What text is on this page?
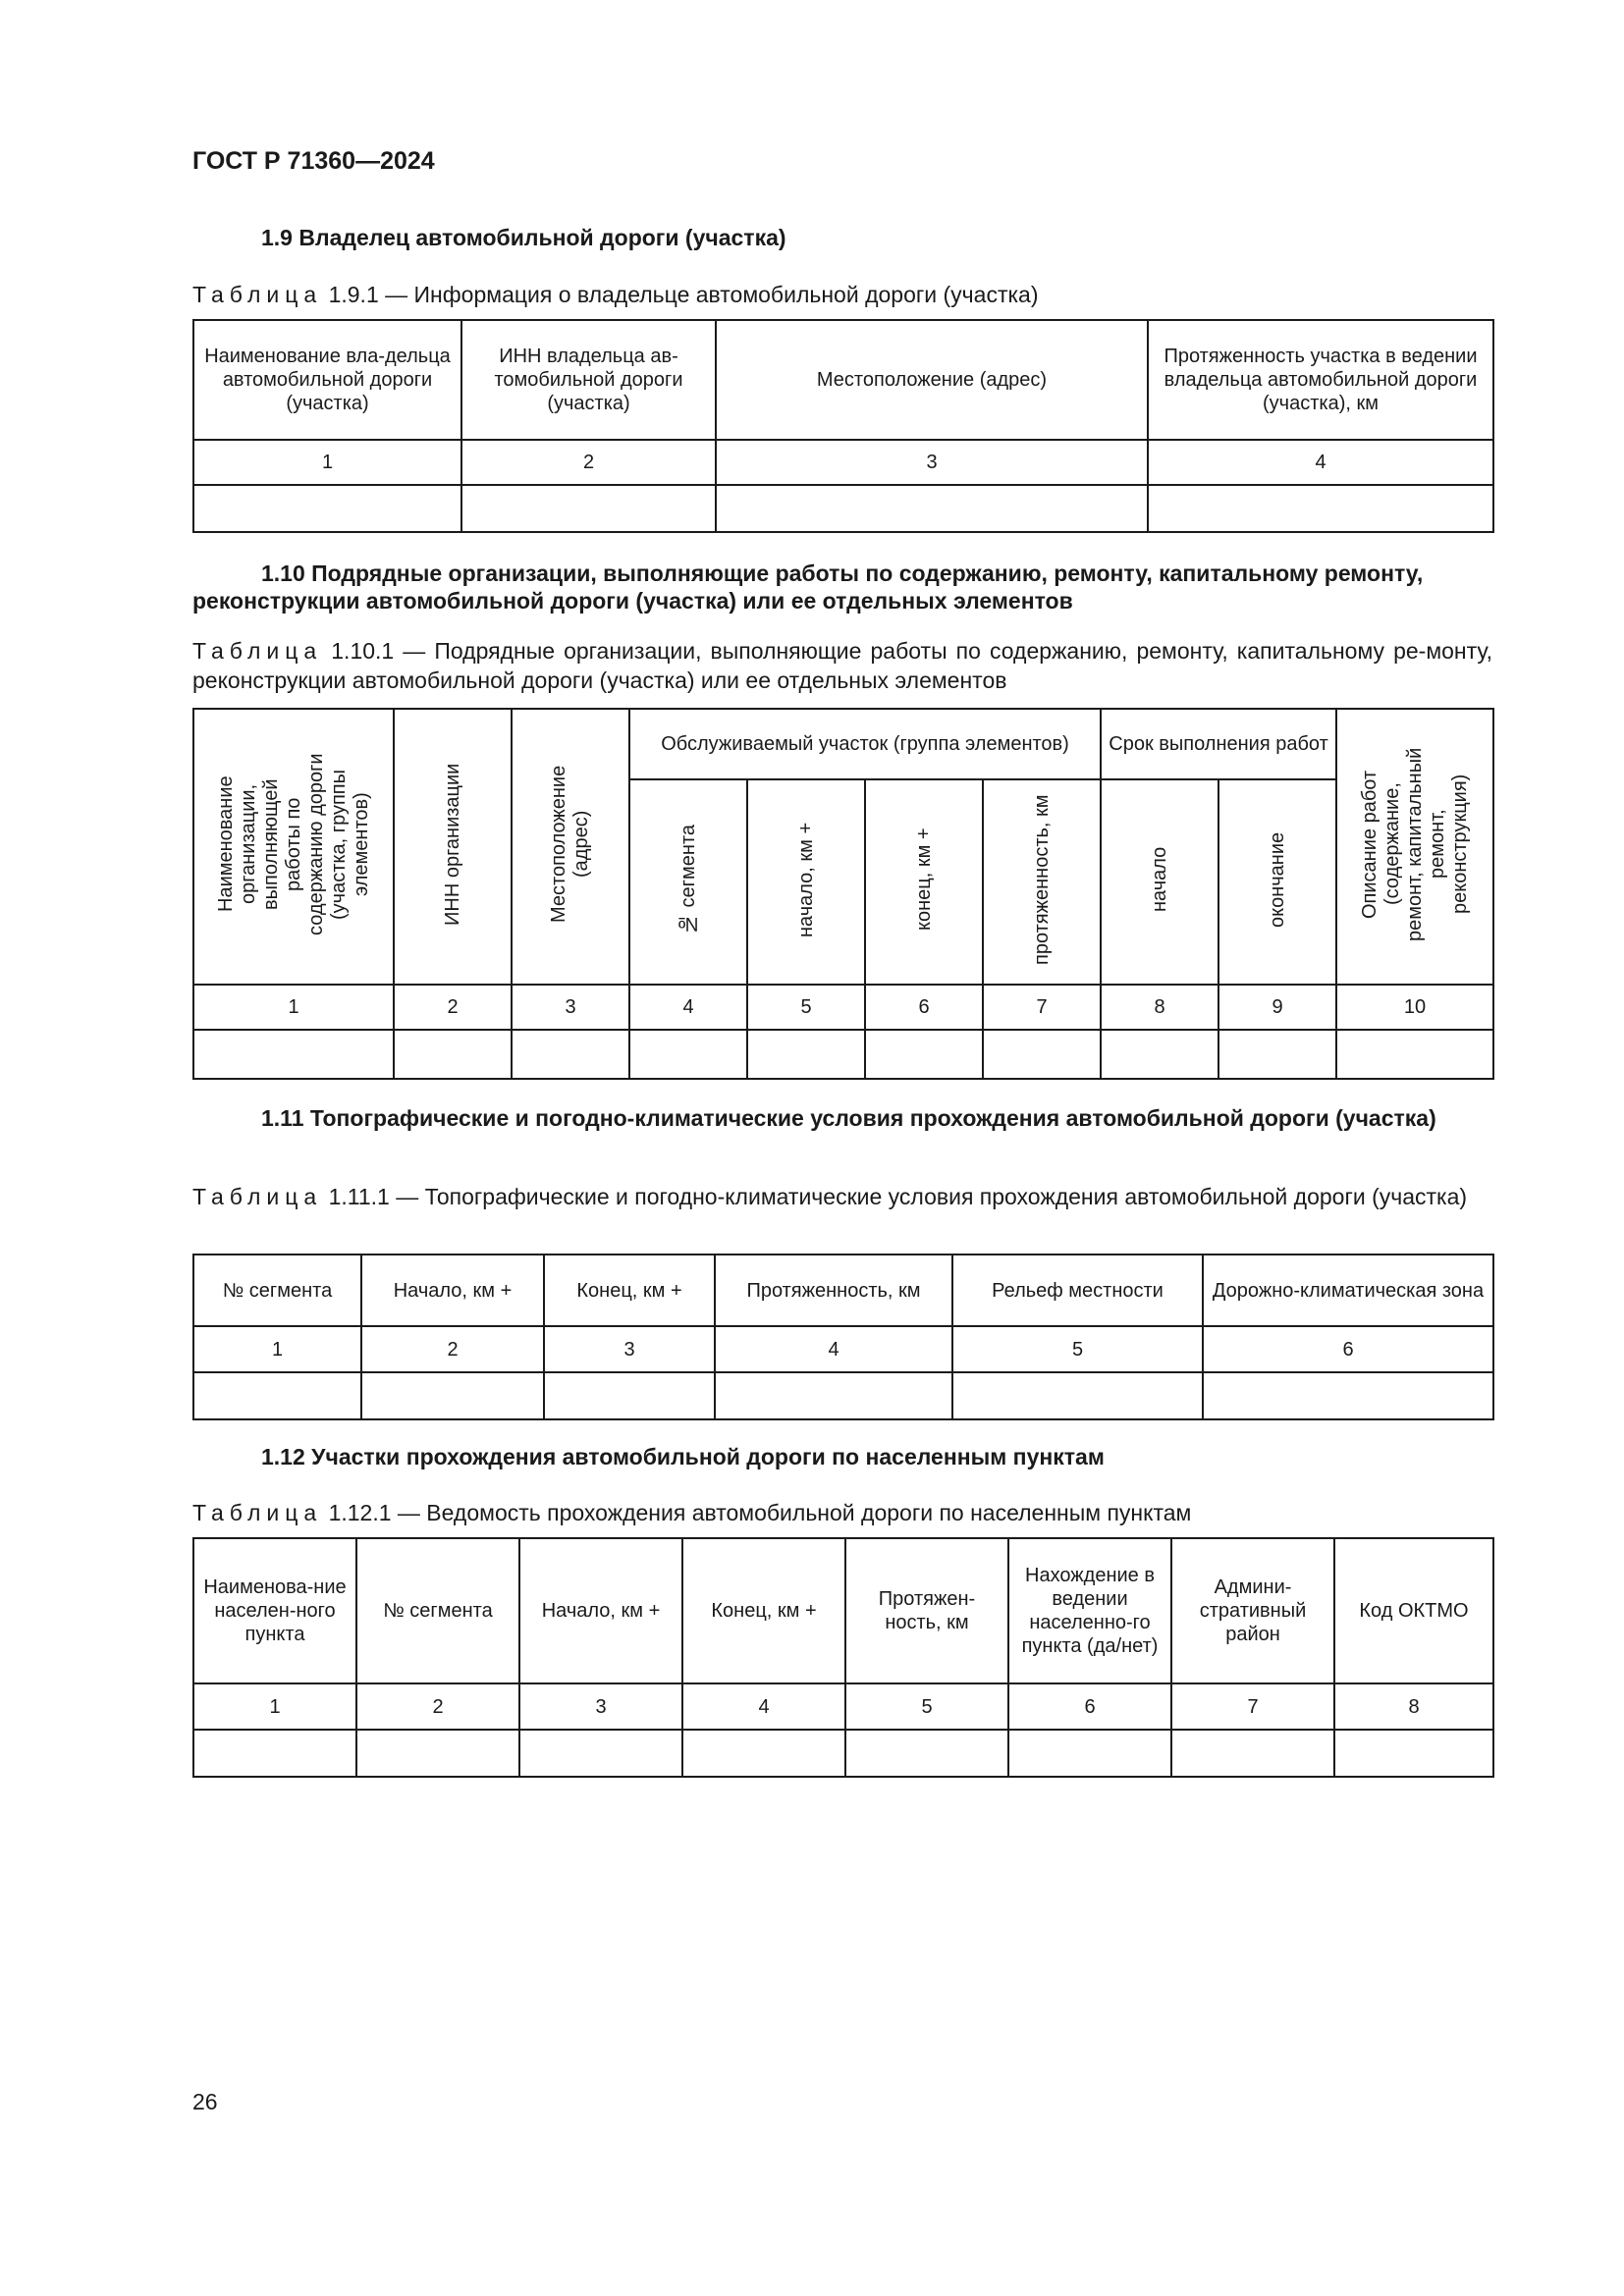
ГОСТ Р 71360—2024
1.9 Владелец автомобильной дороги (участка)
Таблица 1.9.1 — Информация о владельце автомобильной дороги (участка)
Наименование вла-дельца автомобильной дороги (участка)	ИНН владельца ав-томобильной дороги (участка)	Местоположение (адрес)	Протяженность участка в ведении владельца автомобильной дороги (участка), км
1	2	3	4

1.10 Подрядные организации, выполняющие работы по содержанию, ремонту, капитальному ремонту, реконструкции автомобильной дороги (участка) или ее отдельных элементов
Таблица 1.10.1 — Подрядные организации, выполняющие работы по содержанию, ремонту, капитальному ре-монту, реконструкции автомобильной дороги (участка) или ее отдельных элементов
Наименование организации, выполняющей работы по содержанию дороги (участка, группы элементов)	ИНН организации	Местоположение (адрес)	Обслуживаемый участок (группа элементов)				Срок выполнения работ		Описание работ (содержание, ремонт, капитальный ремонт, реконструкция)
			№ сегмента	начало, км +	конец, км +	протяженность, км	начало	окончание	
1	2	3	4	5	6	7	8	9	10

1.11 Топографические и погодно-климатические условия прохождения автомобильной дороги (участка)
Таблица 1.11.1 — Топографические и погодно-климатические условия прохождения автомобильной дороги (участка)
№ сегмента	Начало, км +	Конец, км +	Протяженность, км	Рельеф местности	Дорожно-климатическая зона
1	2	3	4	5	6

1.12 Участки прохождения автомобильной дороги по населенным пунктам
Таблица 1.12.1 — Ведомость прохождения автомобильной дороги по населенным пунктам
Наименова-ние населен-ного пункта	№ сегмента	Начало, км +	Конец, км +	Протяжен-ность, км	Нахождение в ведении населенно-го пункта (да/нет)	Админи-стративный район	Код ОКТМО
1	2	3	4	5	6	7	8

26
